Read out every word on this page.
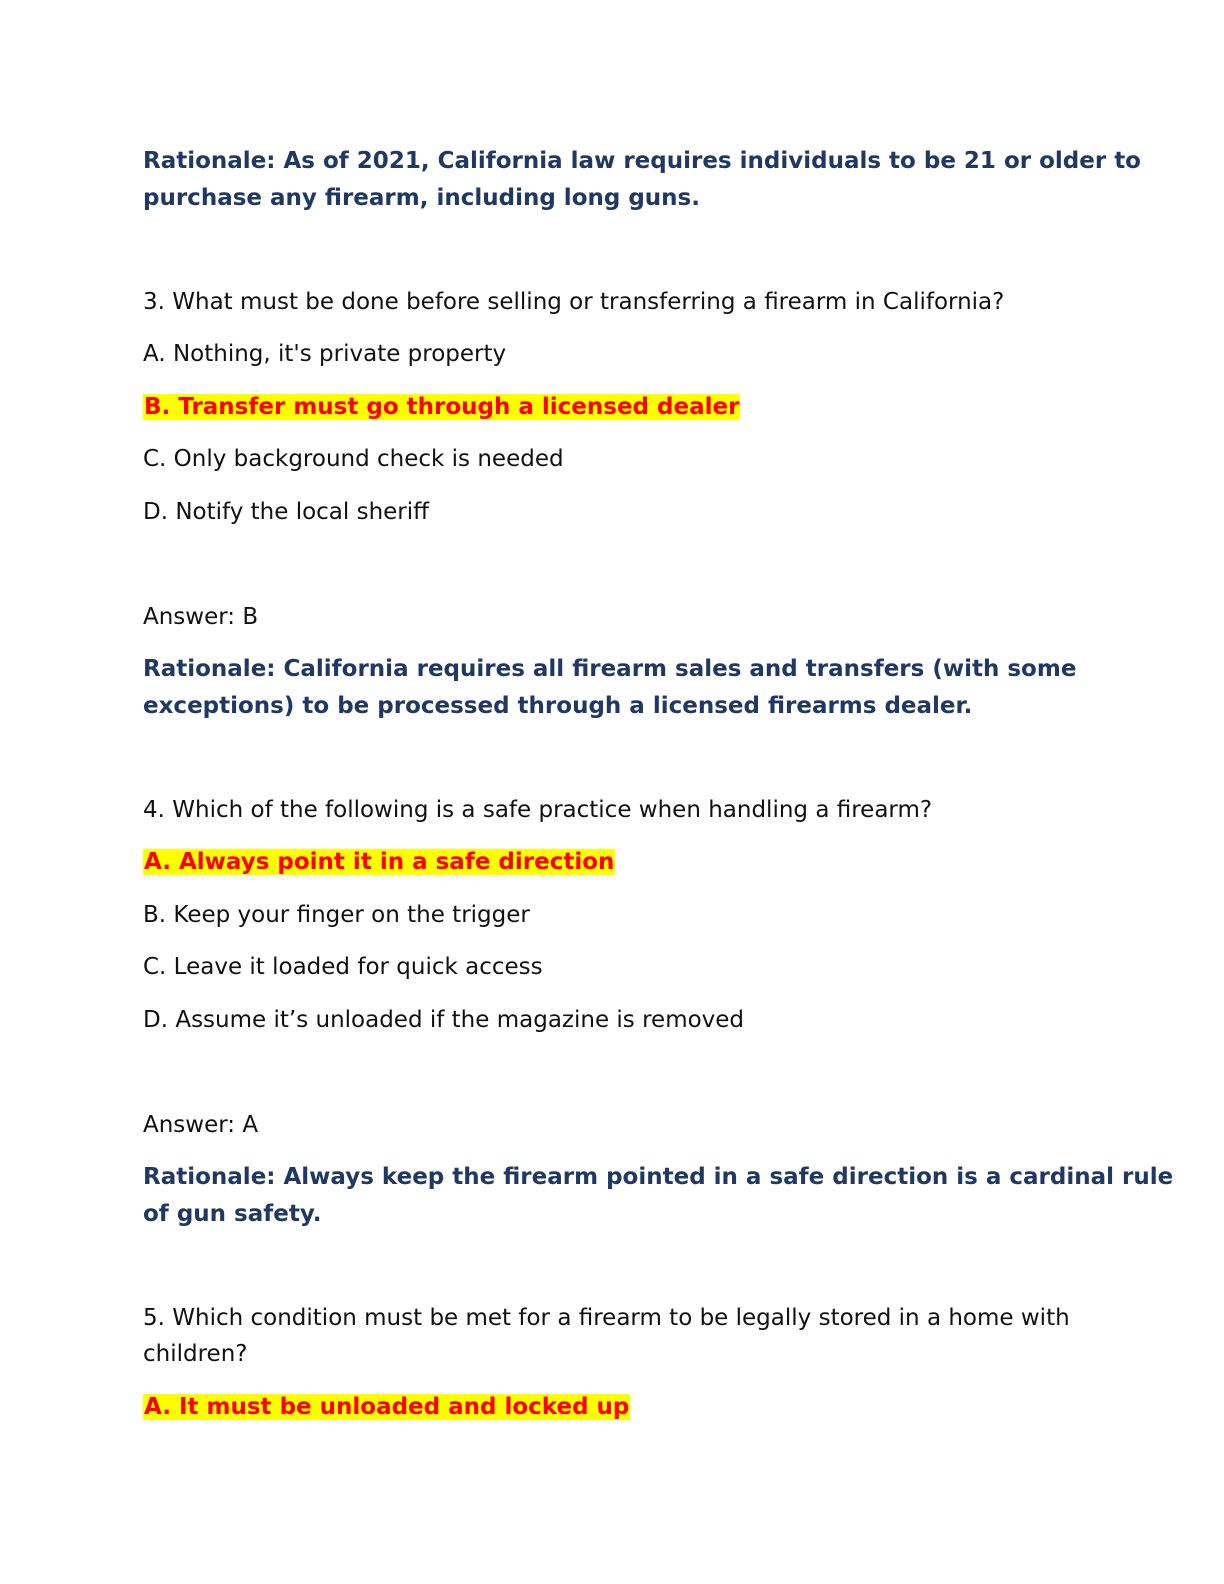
Rationale: As of 2021, California law requires individuals to be 21 or older to
purchase any firearm, including long guns.
3. What must be done before selling or transferring a firearm in California?
A. Nothing, it's private property
B. Transfer must go through a licensed dealer
C. Only background check is needed
D. Notify the local sheriff
Answer: B
Rationale: California requires all firearm sales and transfers (with some
exceptions) to be processed through a licensed firearms dealer.
4. Which of the following is a safe practice when handling a firearm?
A. Always point it in a safe direction
B. Keep your finger on the trigger
C. Leave it loaded for quick access
D. Assume it’s unloaded if the magazine is removed
Answer: A
Rationale: Always keep the firearm pointed in a safe direction is a cardinal rule
of gun safety.
5. Which condition must be met for a firearm to be legally stored in a home with
children?
A. It must be unloaded and locked up
